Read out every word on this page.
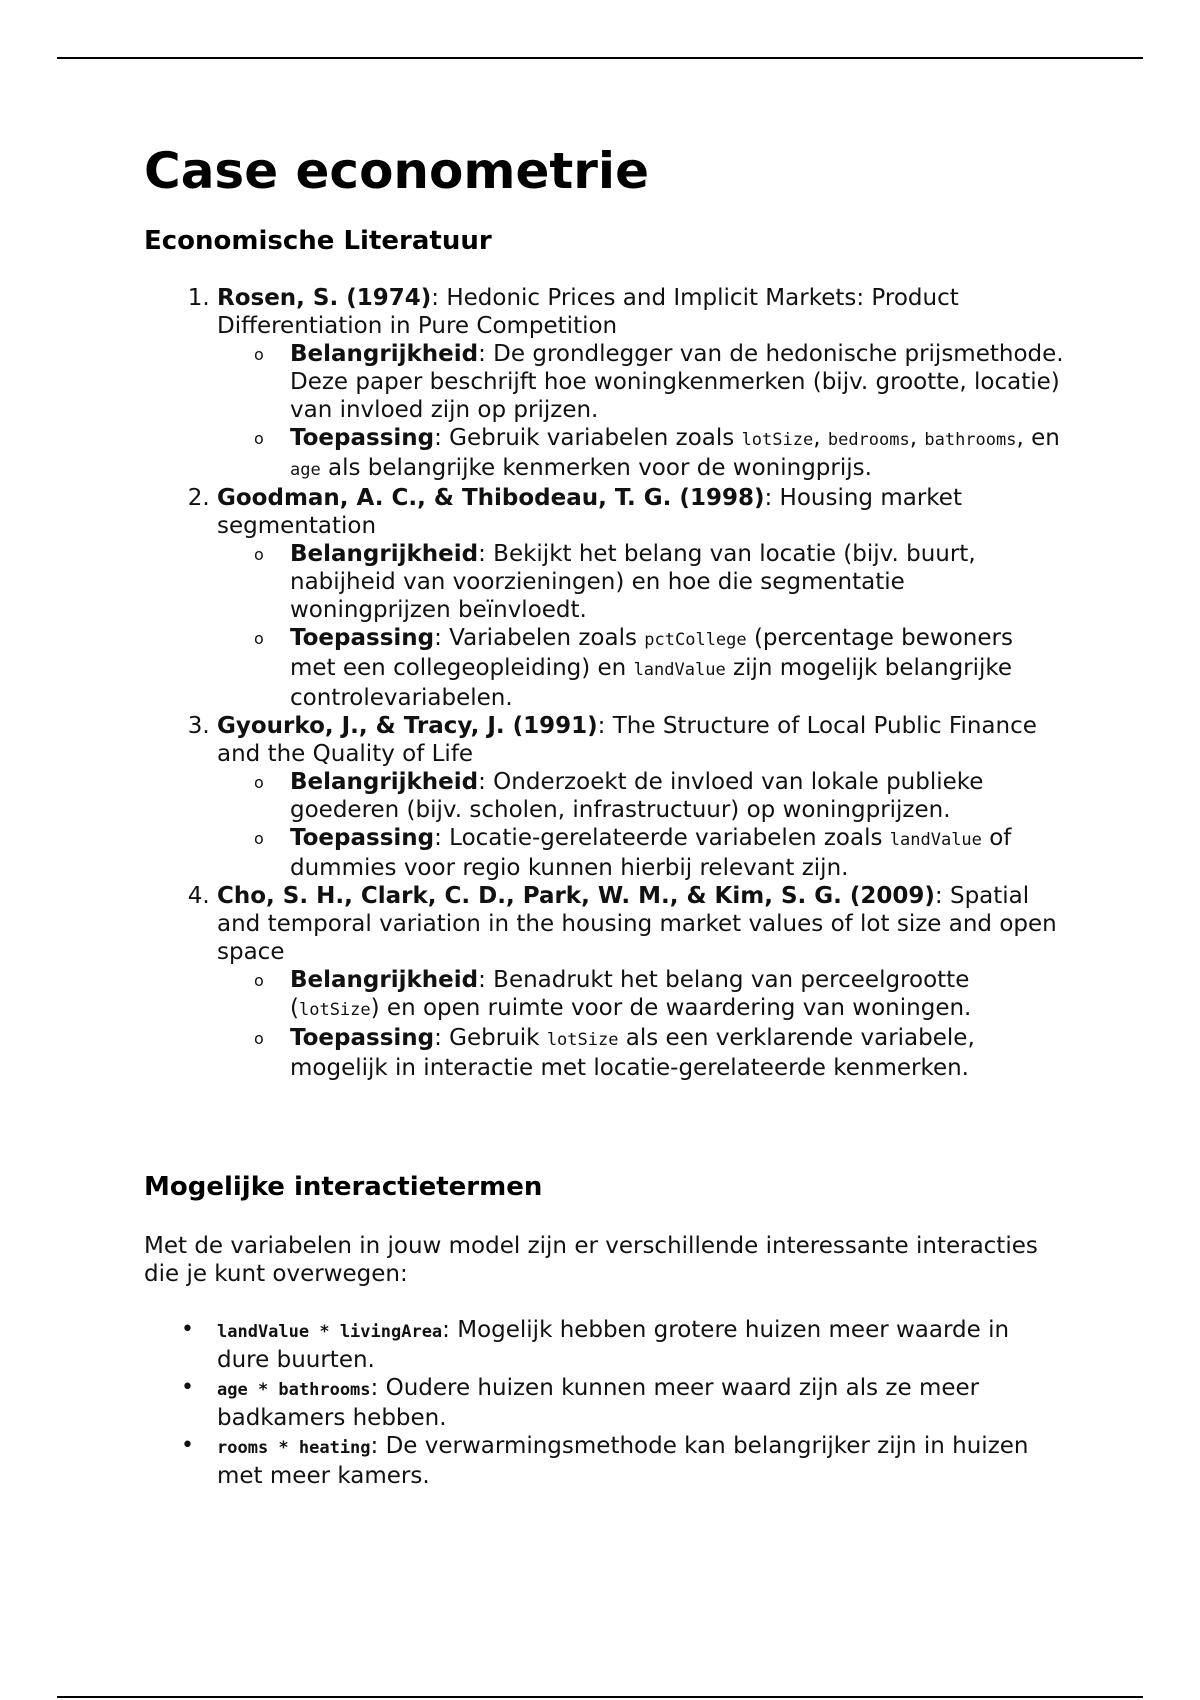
Case econometrie
Economische Literatuur
1. Rosen, S. (1974): Hedonic Prices and Implicit Markets: Product Differentiation in Pure Competition
o Belangrijkheid: De grondlegger van de hedonische prijsmethode. Deze paper beschrijft hoe woningkenmerken (bijv. grootte, locatie) van invloed zijn op prijzen.
o Toepassing: Gebruik variabelen zoals lotSize, bedrooms, bathrooms, en age als belangrijke kenmerken voor de woningprijs.
2. Goodman, A. C., & Thibodeau, T. G. (1998): Housing market segmentation
o Belangrijkheid: Bekijkt het belang van locatie (bijv. buurt, nabijheid van voorzieningen) en hoe die segmentatie woningprijzen beïnvloedt.
o Toepassing: Variabelen zoals pctCollege (percentage bewoners met een collegeopleiding) en landValue zijn mogelijk belangrijke controlevariabelen.
3. Gyourko, J., & Tracy, J. (1991): The Structure of Local Public Finance and the Quality of Life
o Belangrijkheid: Onderzoekt de invloed van lokale publieke goederen (bijv. scholen, infrastructuur) op woningprijzen.
o Toepassing: Locatie-gerelateerde variabelen zoals landValue of dummies voor regio kunnen hierbij relevant zijn.
4. Cho, S. H., Clark, C. D., Park, W. M., & Kim, S. G. (2009): Spatial and temporal variation in the housing market values of lot size and open space
o Belangrijkheid: Benadrukt het belang van perceelgrootte (lotSize) en open ruimte voor de waardering van woningen.
o Toepassing: Gebruik lotSize als een verklarende variabele, mogelijk in interactie met locatie-gerelateerde kenmerken.
Mogelijke interactietermen

Met de variabelen in jouw model zijn er verschillende interessante interacties die je kunt overwegen:

• landValue * livingArea: Mogelijk hebben grotere huizen meer waarde in dure buurten.
• age * bathrooms: Oudere huizen kunnen meer waard zijn als ze meer badkamers hebben.
• rooms * heating: De verwarmingsmethode kan belangrijker zijn in huizen met meer kamers.
